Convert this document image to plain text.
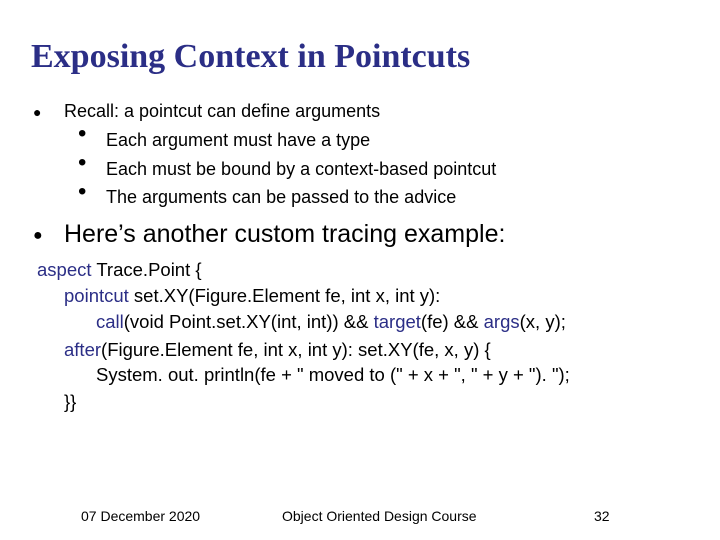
Exposing Context in Pointcuts
● Recall: a pointcut can define arguments
• Each argument must have a type
• Each must be bound by a context-based pointcut
• The arguments can be passed to the advice
● Here’s another custom tracing example:
aspect Trace.Point {
pointcut set.XY(Figure.Element fe, int x, int y):
call(void Point.set.XY(int, int)) && target(fe) && args(x, y);
after(Figure.Element fe, int x, int y): set.XY(fe, x, y) {
System. out. println(fe + " moved to (" + x + ", " + y + "). ");
}}
07 December 2020	Object Oriented Design Course	32
